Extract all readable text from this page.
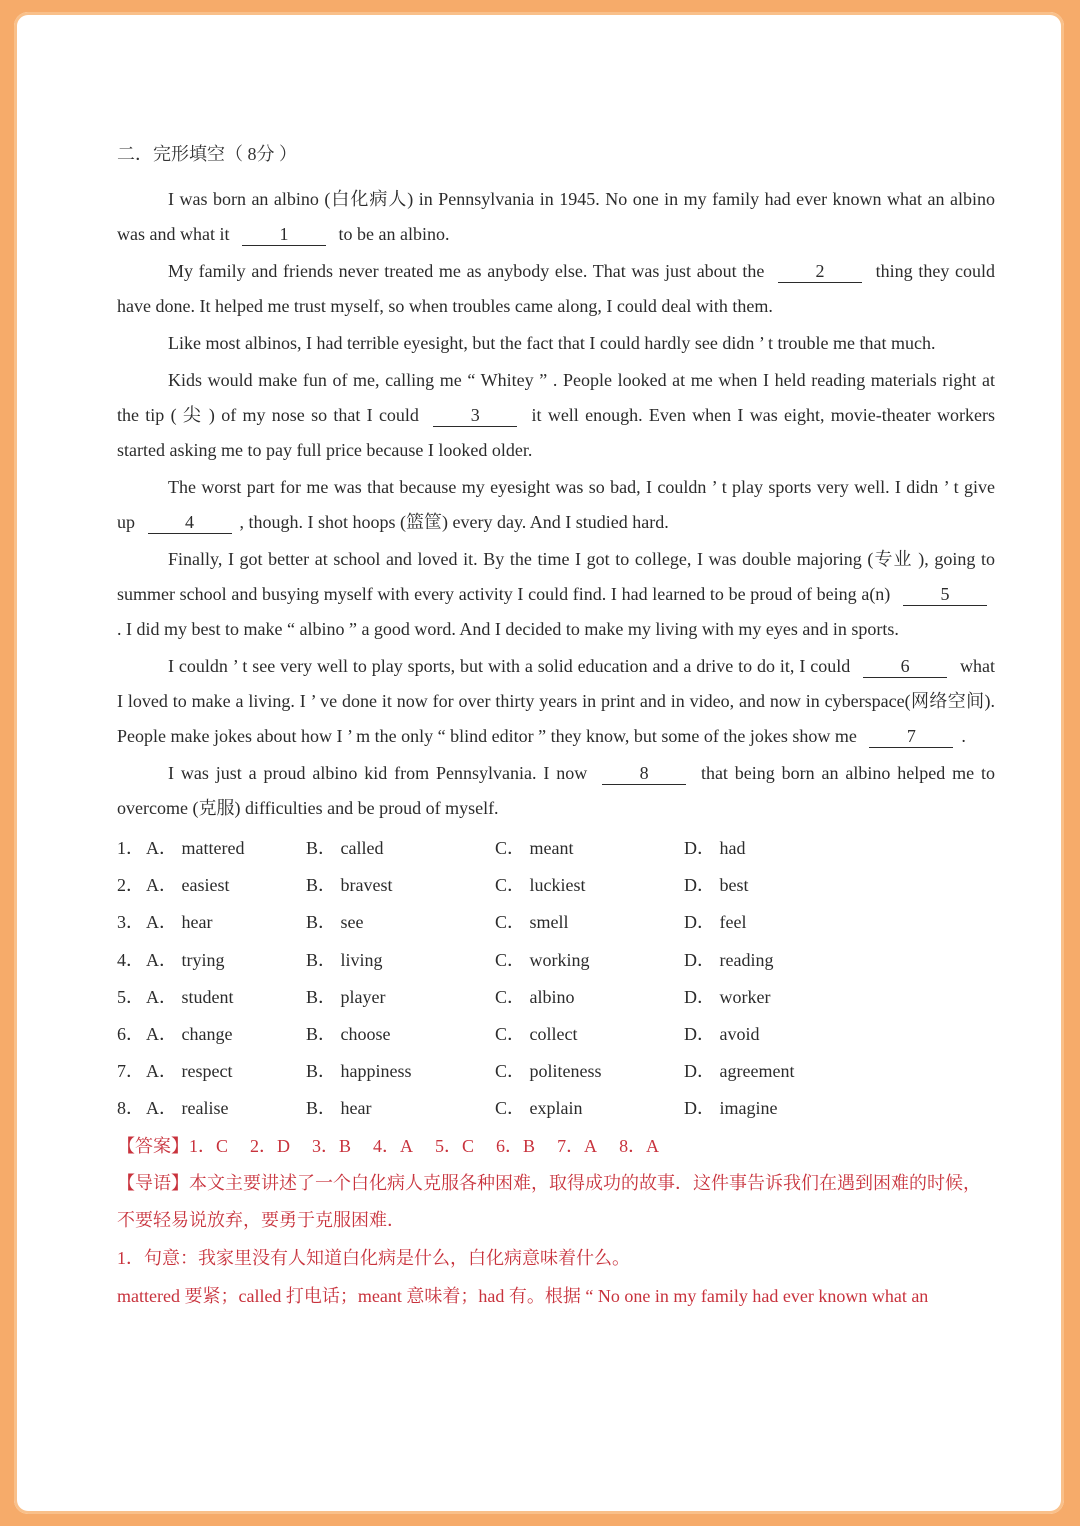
二．完形填空（ 8分 ）

I was born an albino (白化病人) in Pennsylvania in 1945. No one in my family had ever known what an albino was and what it	1	to be an albino.

My family and friends never treated me as anybody else. That was just about the	2	thing they could have done. It helped me trust myself, so when troubles came along, I could deal with them.

Like most albinos, I had terrible eyesight, but the fact that I could hardly see didn ’ t trouble me that much.

Kids would make fun of me, calling me “ Whitey ” . People looked at me when I held reading materials right at the tip ( 尖 ) of my nose so that I could	3	it well enough. Even when I was eight, movie-theater workers started asking me to pay full price because I looked older.

The worst part for me was that because my eyesight was so bad, I couldn ’ t play sports very well. I didn ’ t give up	4	, though. I shot hoops (篮筐) every day. And I studied hard.

Finally, I got better at school and loved it. By the time I got to college, I was double majoring (专业 ), going to summer school and busying myself with every activity I could find. I had learned to be proud of being a(n)	5. I did my best to make “ albino ” a good word. And I decided to make my living with my eyes and in sports.

I couldn ’ t see very well to play sports, but with a solid education and a drive to do it, I could	6	what I loved to make a living. I ’ ve done it now for over thirty years in print and in video, and now in cyberspace(网络空间). People make jokes about how I ’ m the only “ blind editor ” they know, but some of the jokes show me	7	.

I was just a proud albino kid from Pennsylvania. I now	8	that being born an albino helped me to overcome (克服) difficulties and be proud of myself.

1． A． mattered	B． called	C． meant	D． had
2． A． easiest	B． bravest	C． luckiest	D． best
3． A． hear	B． see	C． smell	D． feel
4． A． trying	B． living	C． working	D． reading
5． A． student	B． player	C． albino	D． worker
6． A． change	B． choose	C． collect	D． avoid
7． A． respect	B． happiness	C． politeness	D． agreement
8． A． realise	B． hear	C． explain	D． imagine
【答案】1．C 2．D 3．B 4．A 5．C 6．B 7．A 8．A

【导语】本文主要讲述了一个白化病人克服各种困难，取得成功的故事．这件事告诉我们在遇到困难的时候，不要轻易说放弃，要勇于克服困难．

1．句意：我家里没有人知道白化病是什么，白化病意味着什么。

mattered 要紧；called 打电话；meant 意味着；had 有。根据 “ No one in my family had ever known what an
